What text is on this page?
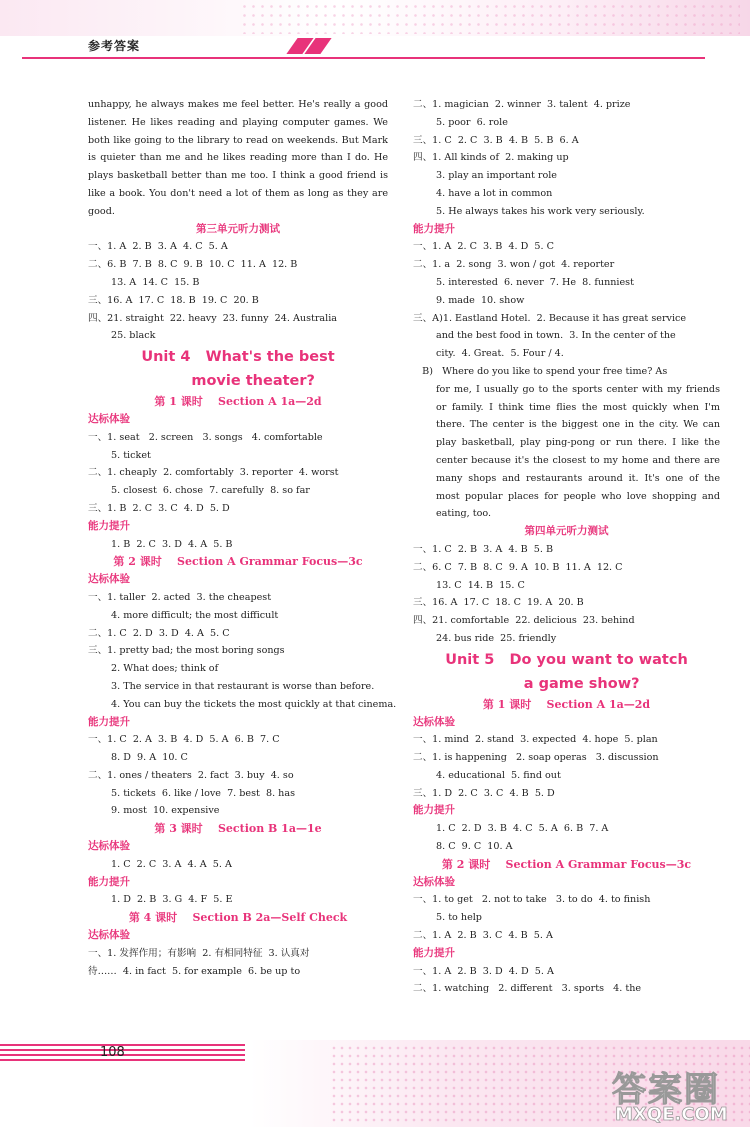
参考答案
unhappy, he always makes me feel better. He's really a good listener. He likes reading and playing computer games. We both like going to the library to read on weekends. But Mark is quieter than me and he likes reading more than I do. He plays basketball better than me too. I think a good friend is like a book. You don't need a lot of them as long as they are good.
第三单元听力测试
一、1. A  2. B  3. A  4. C  5. A
二、6. B  7. B  8. C  9. B  10. C  11. A  12. B
13. A  14. C  15. B
三、16. A  17. C  18. B  19. C  20. B
四、21. straight  22. heavy  23. funny  24. Australia
25. black
Unit 4   What's the best
movie theater?
第 1 课时    Section A 1a—2d
达标体验
一、1. seat   2. screen   3. songs   4. comfortable
5. ticket
二、1. cheaply  2. comfortably  3. reporter  4. worst
5. closest  6. chose  7. carefully  8. so far
三、1. B  2. C  3. C  4. D  5. D
能力提升
1. B  2. C  3. D  4. A  5. B
第 2 课时    Section A Grammar Focus—3c
达标体验
一、1. taller  2. acted  3. the cheapest
4. more difficult; the most difficult
二、1. C  2. D  3. D  4. A  5. C
三、1. pretty bad; the most boring songs
2. What does; think of
3. The service in that restaurant is worse than before.
4. You can buy the tickets the most quickly at that cinema.
能力提升
一、1. C  2. A  3. B  4. D  5. A  6. B  7. C
8. D  9. A  10. C
二、1. ones / theaters  2. fact  3. buy  4. so
5. tickets  6. like / love  7. best  8. has
9. most  10. expensive
第 3 课时    Section B 1a—1e
达标体验
1. C  2. C  3. A  4. A  5. A
能力提升
1. D  2. B  3. G  4. F  5. E
第 4 课时    Section B 2a—Self Check
达标体验
一、1. 发挥作用；有影响  2. 有相同特征  3. 认真对
待……  4. in fact  5. for example  6. be up to
二、1. magician  2. winner  3. talent  4. prize
5. poor  6. role
三、1. C  2. C  3. B  4. B  5. B  6. A
四、1. All kinds of  2. making up
3. play an important role
4. have a lot in common
5. He always takes his work very seriously.
能力提升
一、1. A  2. C  3. B  4. D  5. C
二、1. a  2. song  3. won / got  4. reporter
5. interested  6. never  7. He  8. funniest
9. made  10. show
三、A)1. Eastland Hotel.  2. Because it has great service
and the best food in town.  3. In the center of the
city.  4. Great.  5. Four / 4.
B)   Where do you like to spend your free time? As
for me, I usually go to the sports center with my friends or family. I think time flies the most quickly when I'm there. The center is the biggest one in the city. We can play basketball, play ping-pong or run there. I like the center because it's the closest to my home and there are many shops and restaurants around it. It's one of the most popular places for people who love shopping and eating, too.
第四单元听力测试
一、1. C  2. B  3. A  4. B  5. B
二、6. C  7. B  8. C  9. A  10. B  11. A  12. C
13. C  14. B  15. C
三、16. A  17. C  18. C  19. A  20. B
四、21. comfortable  22. delicious  23. behind
24. bus ride  25. friendly
Unit 5   Do you want to watch
a game show?
第 1 课时    Section A 1a—2d
达标体验
一、1. mind  2. stand  3. expected  4. hope  5. plan
二、1. is happening   2. soap operas   3. discussion
4. educational  5. find out
三、1. D  2. C  3. C  4. B  5. D
能力提升
1. C  2. D  3. B  4. C  5. A  6. B  7. A
8. C  9. C  10. A
第 2 课时    Section A Grammar Focus—3c
达标体验
一、1. to get   2. not to take   3. to do  4. to finish
5. to help
二、1. A  2. B  3. C  4. B  5. A
能力提升
一、1. A  2. B  3. D  4. D  5. A
二、1. watching   2. different   3. sports   4. the
108
答案圈
MXQE.COM
